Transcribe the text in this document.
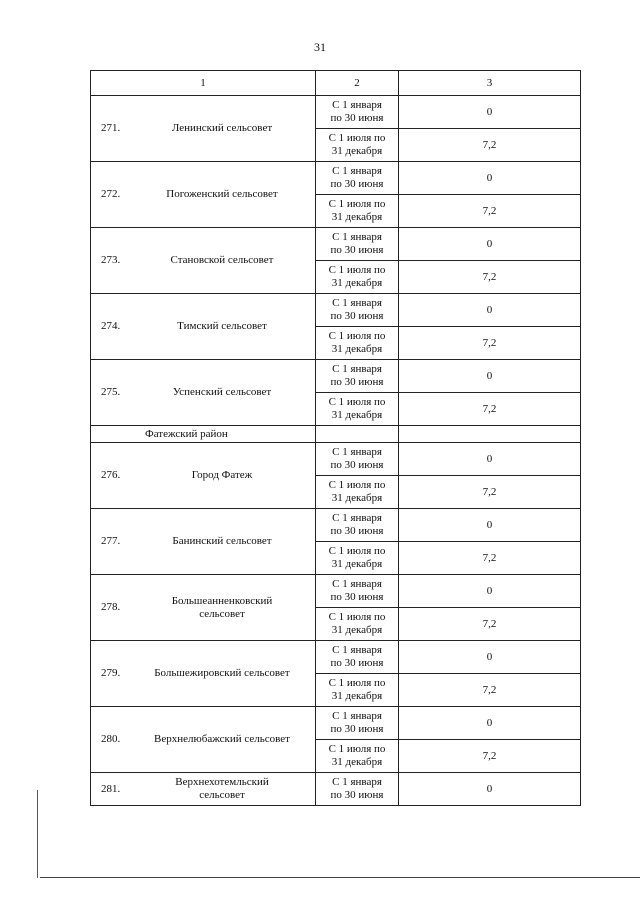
31
1	2	3

271. Ленинский сельсовет	С 1 января
по 30 июня	0
	С 1 июля по
31 декабря	7,2

272. Погоженский сельсовет	С 1 января
по 30 июня	0
	С 1 июля по
31 декабря	7,2

273. Становской сельсовет	С 1 января
по 30 июня	0
	С 1 июля по
31 декабря	7,2

274. Тимский сельсовет	С 1 января
по 30 июня	0
	С 1 июля по
31 декабря	7,2

275. Успенский сельсовет	С 1 января
по 30 июня	0
	С 1 июля по
31 декабря	7,2
Фатежский район		

276. Город Фатеж	С 1 января
по 30 июня	0
	С 1 июля по
31 декабря	7,2

277. Банинский сельсовет	С 1 января
по 30 июня	0
	С 1 июля по
31 декабря	7,2

278.
Большеанненковский
сельсовет	С 1 января
по 30 июня	0
	С 1 июля по
31 декабря	7,2

279. Большежировский сельсовет	С 1 января
по 30 июня	0
	С 1 июля по
31 декабря	7,2

280. Верхнелюбажский сельсовет	С 1 января
по 30 июня	0
	С 1 июля по
31 декабря	7,2

281.
Верхнехотемльский
сельсовет	С 1 января
по 30 июня	0
